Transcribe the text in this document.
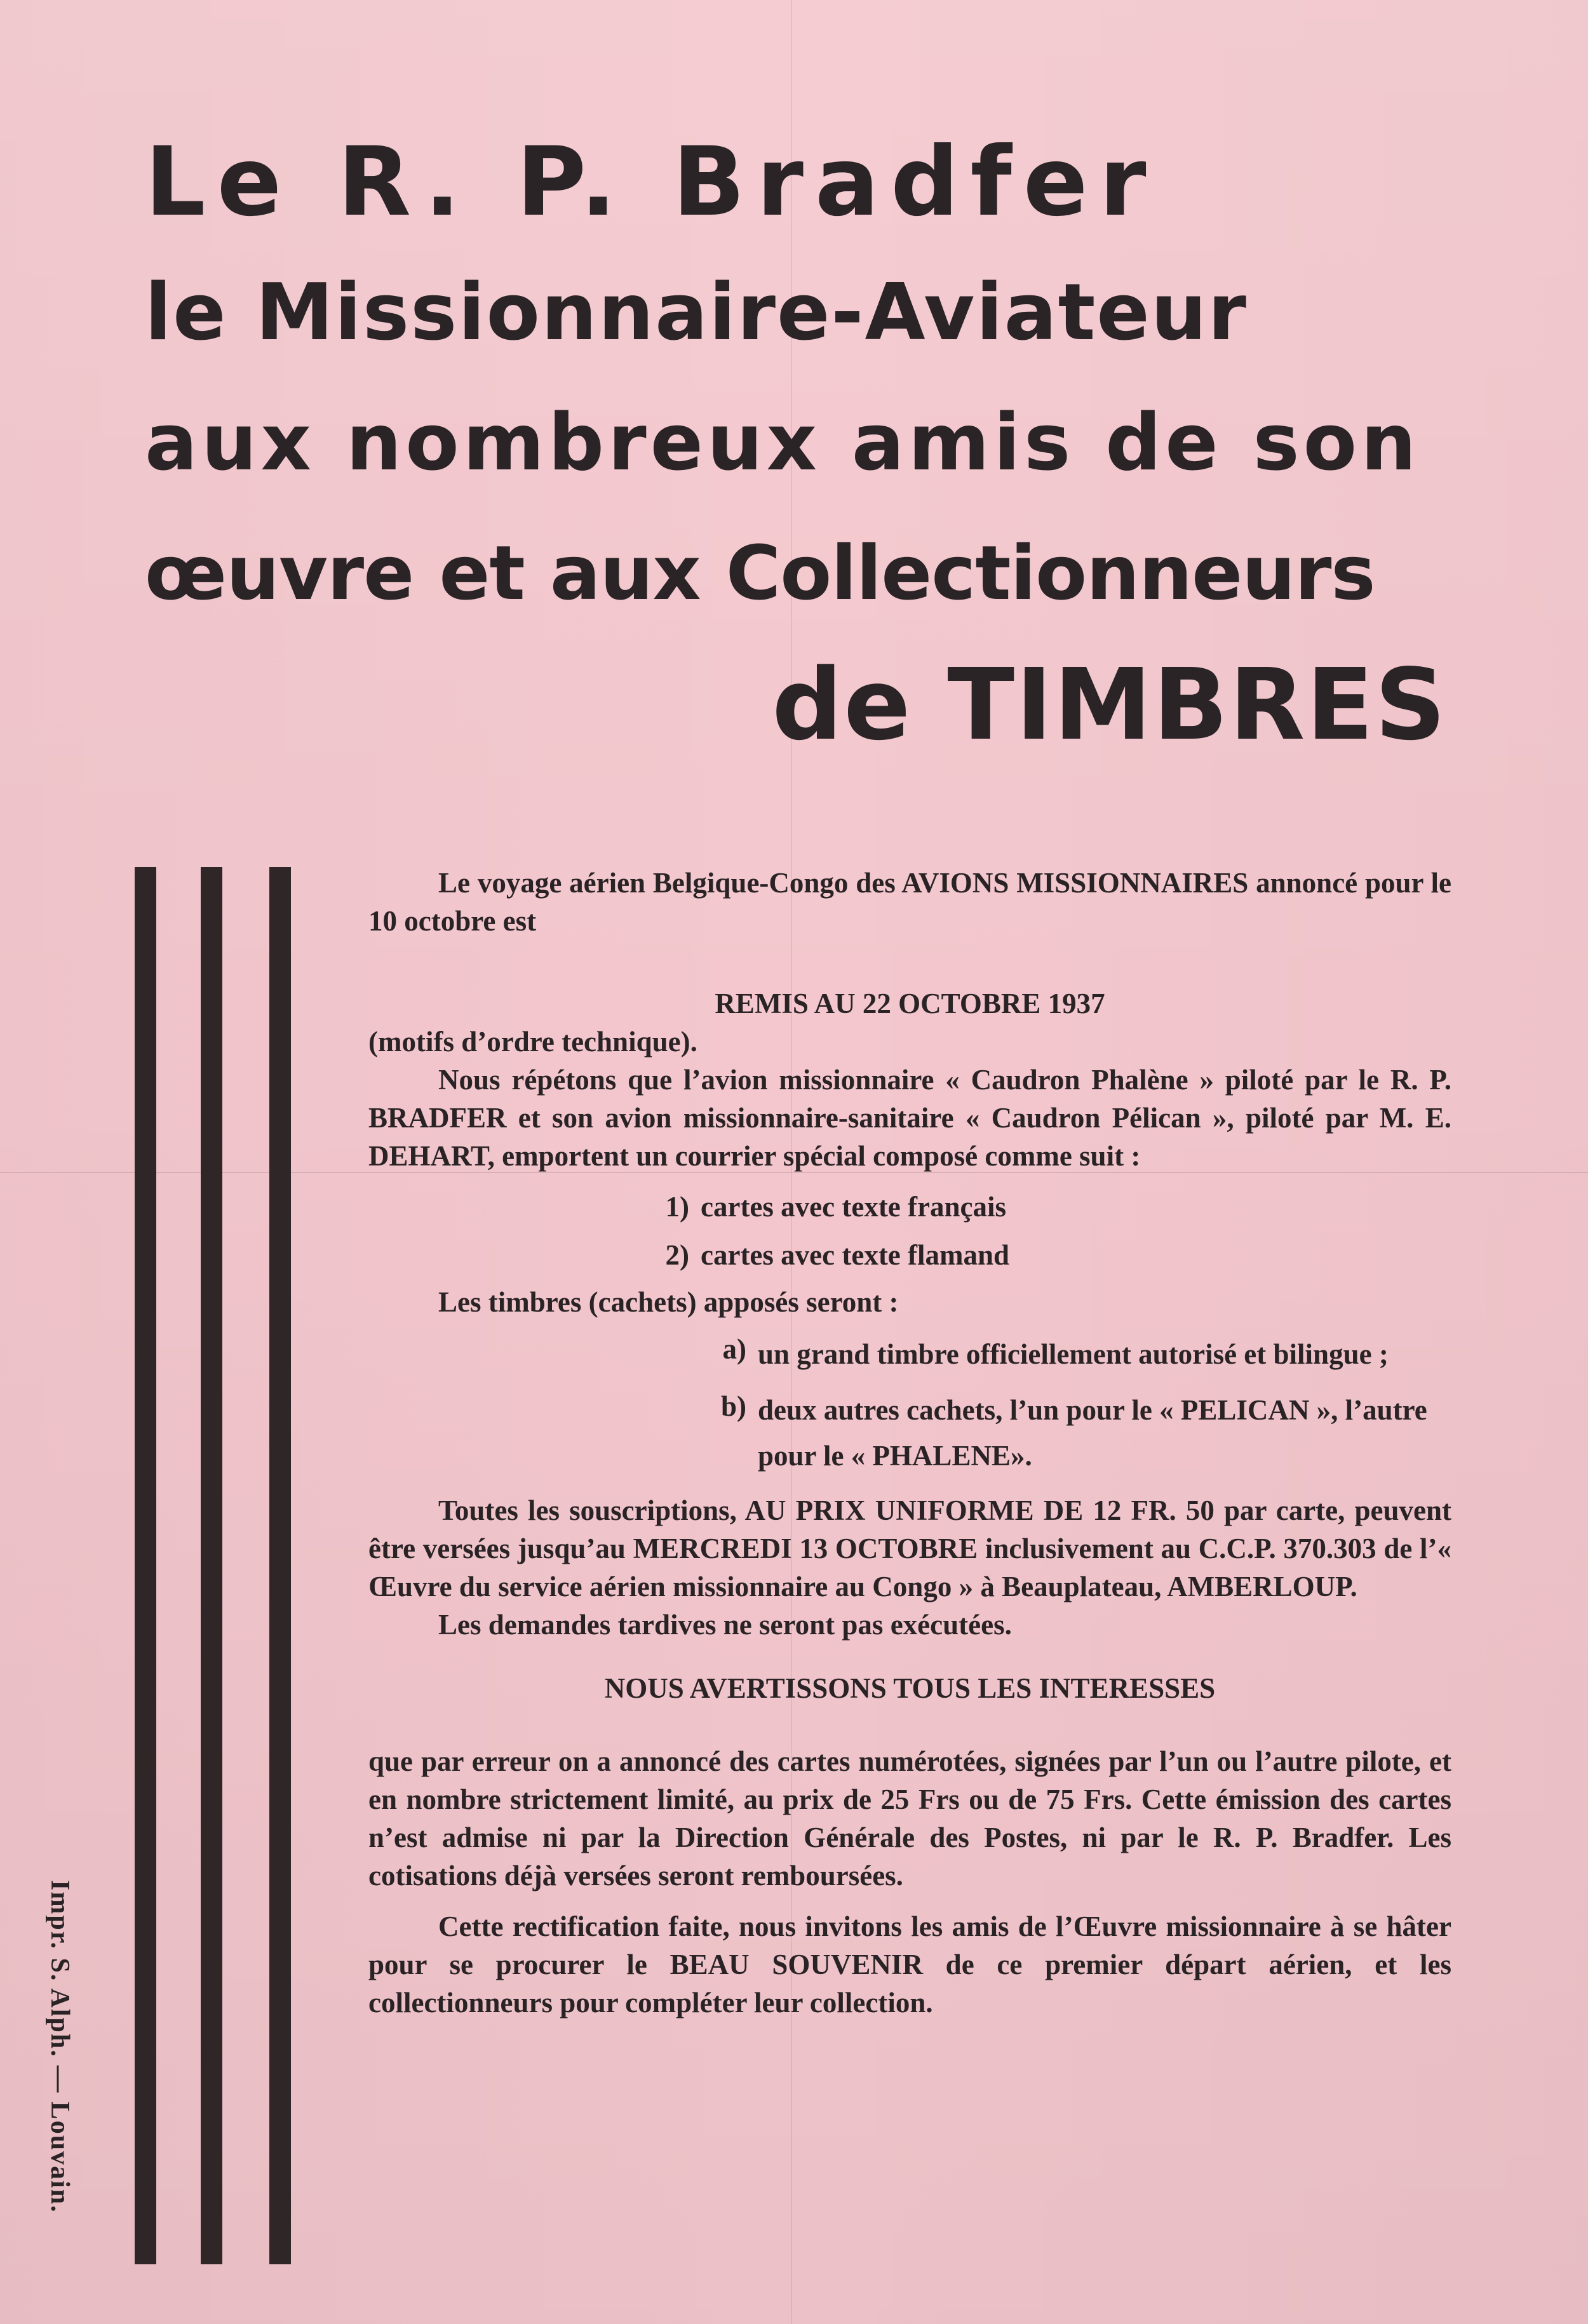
Le R. P. Bradfer
le Missionnaire-Aviateur
aux nombreux amis de son
œuvre et aux Collectionneurs
de TIMBRES
Impr. S. Alph. — Louvain.

Le voyage aérien Belgique-Congo des AVIONS MISSIONNAIRES annoncé pour le 10 octobre est

REMIS AU 22 OCTOBRE 1937

(motifs d’ordre technique).

Nous répétons que l’avion missionnaire « Caudron Phalène » piloté par le R. P. BRADFER et son avion missionnaire-sanitaire « Caudron Pélican », piloté par M. E. DEHART, emportent un courrier spécial composé comme suit :

1) cartes avec texte français
2) cartes avec texte flamand

Les timbres (cachets) apposés seront :

a) un grand timbre officiellement autorisé et bilingue ;
b) deux autres cachets, l’un pour le « PELICAN », l’autre pour le « PHALENE».

Toutes les souscriptions, AU PRIX UNIFORME DE 12 FR. 50 par carte, peuvent être versées jusqu’au MERCREDI 13 OCTOBRE inclusivement au C.C.P. 370.303 de l’« Œuvre du service aérien missionnaire au Congo » à Beauplateau, AMBERLOUP.

Les demandes tardives ne seront pas exécutées.

NOUS AVERTISSONS TOUS LES INTERESSES

que par erreur on a annoncé des cartes numérotées, signées par l’un ou l’autre pilote, et en nombre strictement limité, au prix de 25 Frs ou de 75 Frs. Cette émission des cartes n’est admise ni par la Direction Générale des Postes, ni par le R. P. Bradfer. Les cotisations déjà versées seront remboursées.

Cette rectification faite, nous invitons les amis de l’Œuvre missionnaire à se hâter pour se procurer le BEAU SOUVENIR de ce premier départ aérien, et les collectionneurs pour compléter leur collection.
